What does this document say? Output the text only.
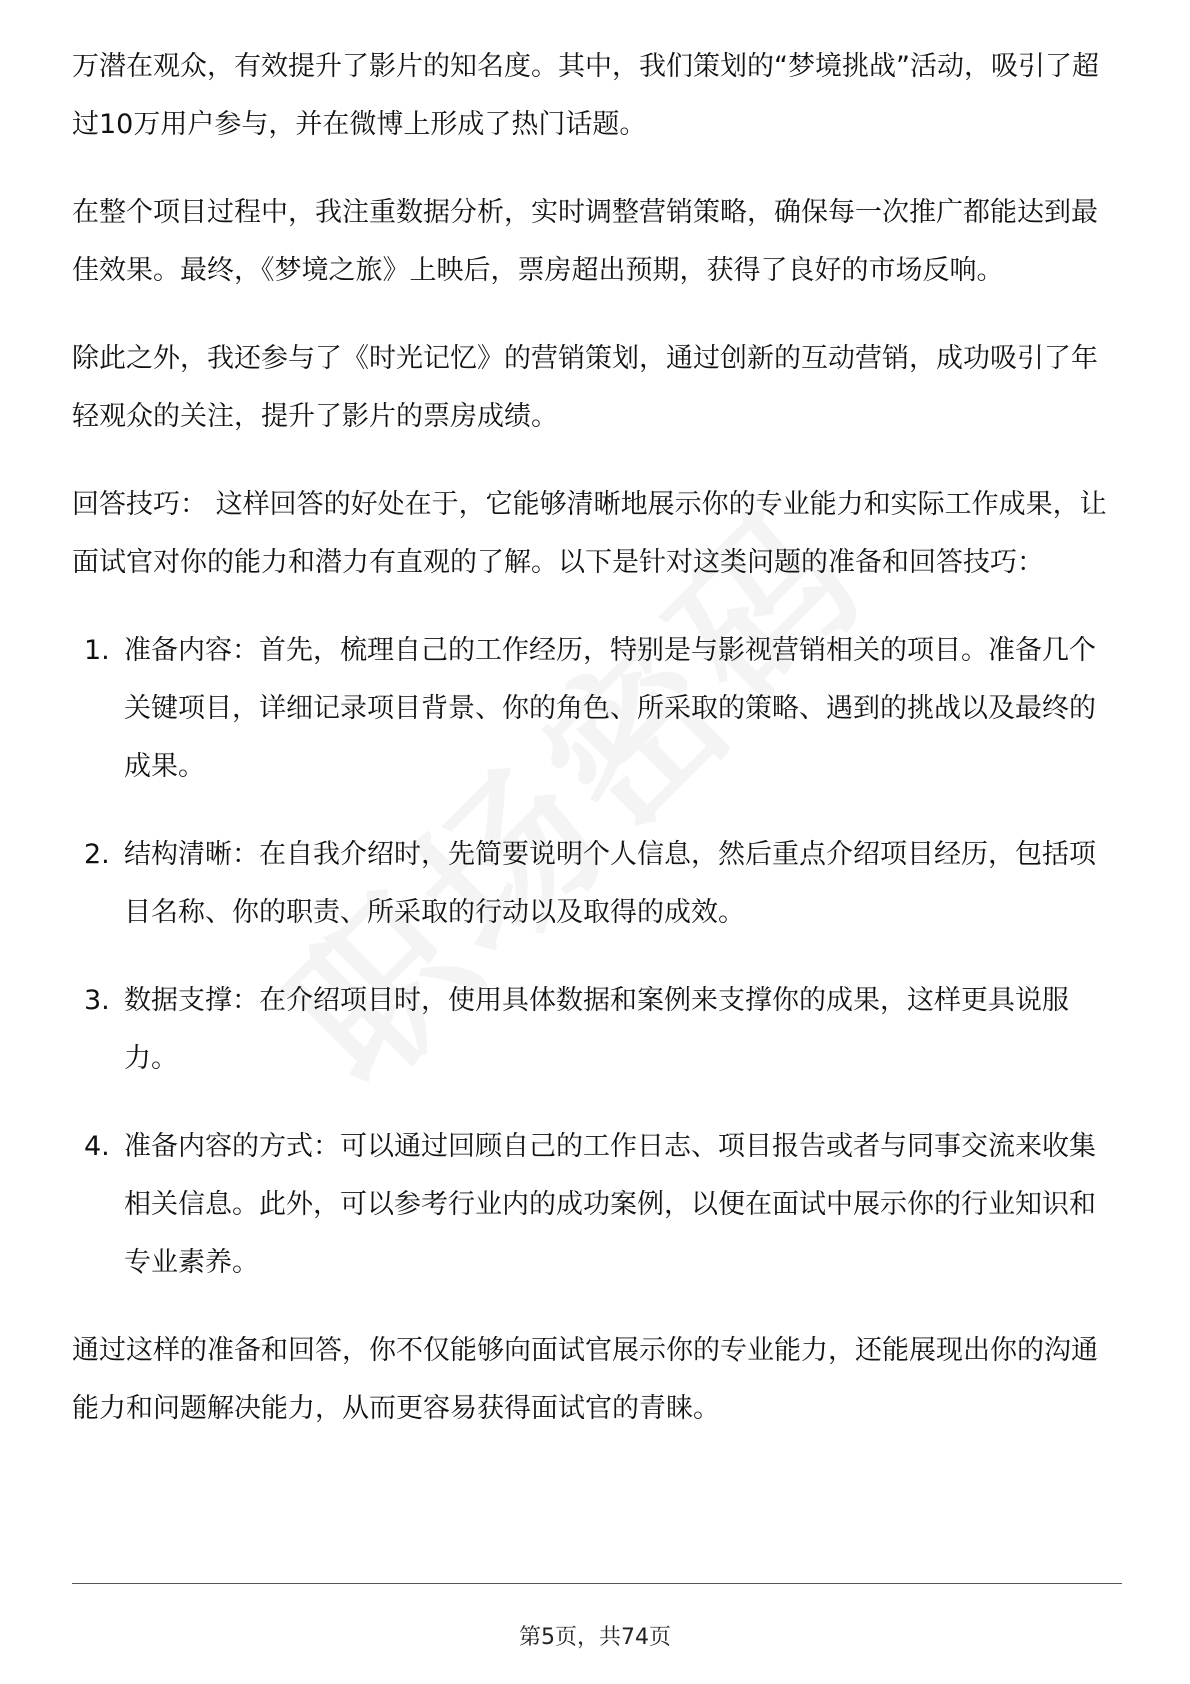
万潜在观众，有效提升了影片的知名度。其中，我们策划的“梦境挑战”活动，吸引了超过10万用户参与，并在微博上形成了热门话题。

在整个项目过程中，我注重数据分析，实时调整营销策略，确保每一次推广都能达到最佳效果。最终，《梦境之旅》上映后，票房超出预期，获得了良好的市场反响。

除此之外，我还参与了《时光记忆》的营销策划，通过创新的互动营销，成功吸引了年轻观众的关注，提升了影片的票房成绩。

回答技巧： 这样回答的好处在于，它能够清晰地展示你的专业能力和实际工作成果，让面试官对你的能力和潜力有直观的了解。以下是针对这类问题的准备和回答技巧：

1. 准备内容：首先，梳理自己的工作经历，特别是与影视营销相关的项目。准备几个关键项目，详细记录项目背景、你的角色、所采取的策略、遇到的挑战以及最终的成果。
2. 结构清晰：在自我介绍时，先简要说明个人信息，然后重点介绍项目经历，包括项目名称、你的职责、所采取的行动以及取得的成效。
3. 数据支撑：在介绍项目时，使用具体数据和案例来支撑你的成果，这样更具说服力。
4. 准备内容的方式：可以通过回顾自己的工作日志、项目报告或者与同事交流来收集相关信息。此外，可以参考行业内的成功案例，以便在面试中展示你的行业知识和专业素养。

通过这样的准备和回答，你不仅能够向面试官展示你的专业能力，还能展现出你的沟通能力和问题解决能力，从而更容易获得面试官的青睐。

第5页，共74页
